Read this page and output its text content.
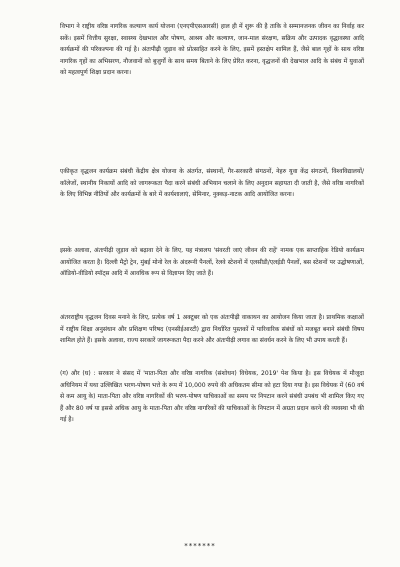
विभाग ने राष्ट्रीय वरिष्ठ नागरिक कल्याण कार्य योजना (एनएपीएसआरसी) हाल ही में शुरू की है ताकि वे सम्मानजनक जीवन का निर्वाह कर सकें। इसमें वित्तीय सुरक्षा, स्वास्थ्य देखभाल और पोषण, आश्रय और कल्याण, जान-माल संरक्षण, सक्रिय और उत्पादक वृद्धावस्था आदि कार्यक्रमों की परिकल्पना की गई है। अंतःपीढ़ी जुड़ाव को प्रोत्साहित करने के लिए, इसमें हस्तक्षेप शामिल हैं, जैसे बाल गृहों के साथ वरिष्ठ नागरिक गृहों का अभिसरण, नौजवानों को बुजुर्गों के साथ समय बिताने के लिए प्रेरित करना, वृद्धजनों की देखभाल आदि के संबंध में युवाओं को महत्वपूर्ण शिक्षा प्रदान करना।

एकीकृत वृद्धजन कार्यक्रम संबंधी केंद्रीय क्षेत्र योजना के अंतर्गत, संस्थानों, गैर-सरकारी संगठनों, नेहरु युवा केंद्र संगठनों, विश्वविद्यालयों/कॉलेजों, स्थानीय निकायों आदि को जागरूकता पैदा करने संबंधी अभियान चलाने के लिए अनुदान सहायता दी जाती है, जैसे वरिष्ठ नागरिकों के लिए विभिन्न नीतियों और कार्यक्रमों के बारे में कार्यशालाएं, सेमिनार, नुक्कड़-नाटक आदि आयोजित करना।

इसके अलावा, अंतःपीढ़ी जुड़ाव को बढ़ावा देने के लिए, यह मंत्रालय 'संवरती जाएं जीवन की राहें' नामक एक साप्ताहिक रेडियो कार्यक्रम आयोजित करता है। दिल्ली मैट्रो ट्रेन, मुंबई मोनो रेल के अंदरूनी पैनलों, रेलवे स्टेशनों में एलसीडी/एलईडी पैनलों, बस स्टेशनों पर उद्घोषणाओं, ऑडियो-वीडियो स्पॉट्स आदि में आवधिक रूप से विज्ञापन दिए जाते हैं।

अंतरराष्ट्रीय वृद्धजन दिवस मनाने के लिए, प्रत्येक वर्ष 1 अक्टूबर को एक अंतःपीढ़ी वाकाथन का आयोजन किया जाता है। प्राथमिक कक्षाओं में राष्ट्रीय शिक्षा अनुसंधान और प्रशिक्षण परिषद (एनसीईआरटी) द्वारा निर्धारित पुस्तकों में पारिवारिक संबंधों को मजबूत बनाने संबंधी विषय शामिल होते हैं। इसके अलावा, राज्य सरकारें जागरूकता पैदा करने और अंतःपीढ़ी लगाव का संवर्धन करने के लिए भी उपाय करती हैं।

(ग) और (घ) : सरकार ने संसद में 'माता-पिता और वरिष्ठ नागरिक (संशोधन) विधेयक, 2019' पेश किया है। इस विधेयक में मौजूदा अधिनियम में यथा उल्लिखित भरण-पोषण भत्ते के रूप में 10,000 रुपये की अधिकतम सीमा को हटा दिया गया है। इस विधेयक में (60 वर्ष से कम आयु के) माता-पिता और वरिष्ठ नागरिकों की भरण-पोषण याचिकाओं का समय पर निपटान करने संबंधी उपबंध भी शामिल किए गए हैं और 80 वर्ष या इससे अधिक आयु के माता-पिता और वरिष्ठ नागरिकों की याचिकाओं के निपटान में अग्रता प्रदान करने की व्यवस्था भी की गई है।

*******
